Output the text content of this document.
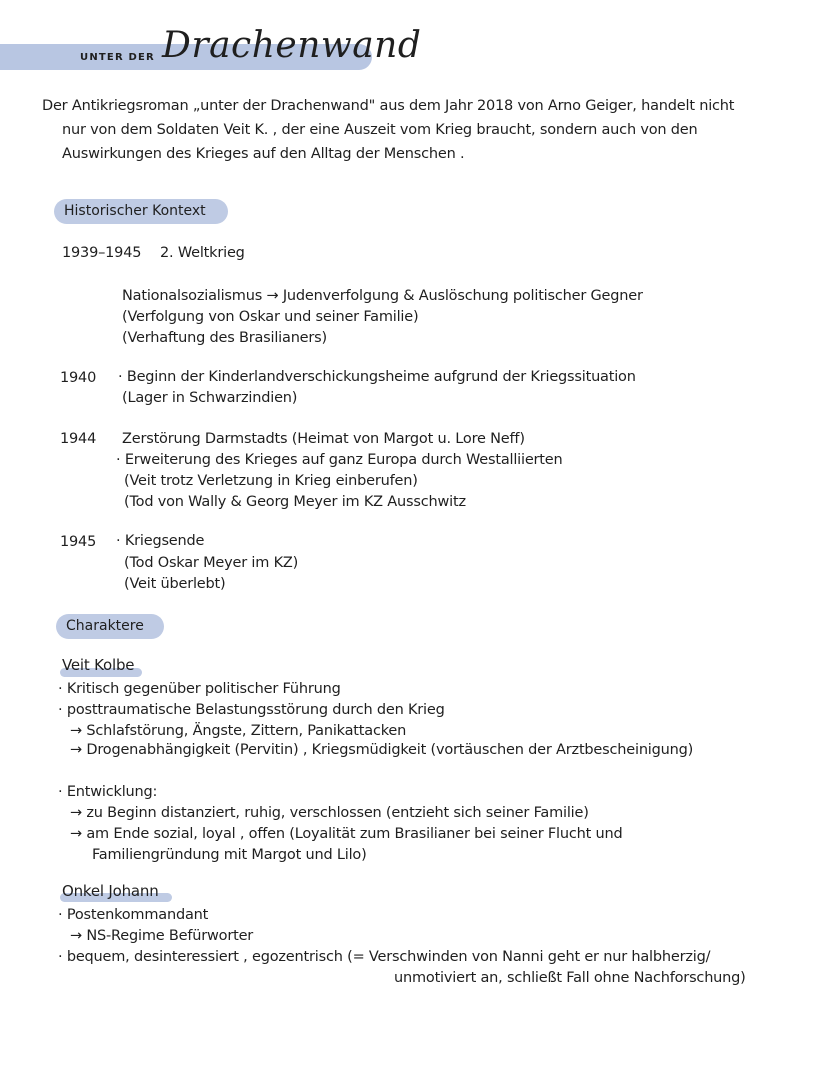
UNTER DER Drachenwand
Der Antikriegsroman „unter der Drachenwand" aus dem Jahr 2018 von Arno Geiger, handelt nicht
nur von dem Soldaten Veit K. , der eine Auszeit vom Krieg braucht, sondern auch von den
Auswirkungen des Krieges auf den Alltag der Menschen .
Historischer Kontext
1939–1945 2. Weltkrieg
Nationalsozialismus → Judenverfolgung & Auslöschung politischer Gegner
(Verfolgung von Oskar und seiner Familie)
(Verhaftung des Brasilianers)
1940 · Beginn der Kinderlandverschickungsheime aufgrund der Kriegssituation
(Lager in Schwarzindien)
1944 Zerstörung Darmstadts (Heimat von Margot u. Lore Neff)
· Erweiterung des Krieges auf ganz Europa durch Westalliierten
(Veit trotz Verletzung in Krieg einberufen)
(Tod von Wally & Georg Meyer im KZ Ausschwitz
1945 · Kriegsende
(Tod Oskar Meyer im KZ)
(Veit überlebt)
Charaktere
Veit Kolbe
· Kritisch gegenüber politischer Führung
· posttraumatische Belastungsstörung durch den Krieg
→ Schlafstörung, Ängste, Zittern, Panikattacken
→ Drogenabhängigkeit (Pervitin) , Kriegsmüdigkeit (vortäuschen der Arztbescheinigung)
· Entwicklung:
→ zu Beginn distanziert, ruhig, verschlossen (entzieht sich seiner Familie)
→ am Ende sozial, loyal , offen (Loyalität zum Brasilianer bei seiner Flucht und
Familiengründung mit Margot und Lilo)
Onkel Johann
· Postenkommandant
→ NS-Regime Befürworter
· bequem, desinteressiert , egozentrisch (= Verschwinden von Nanni geht er nur halbherzig/
unmotiviert an, schließt Fall ohne Nachforschung)
